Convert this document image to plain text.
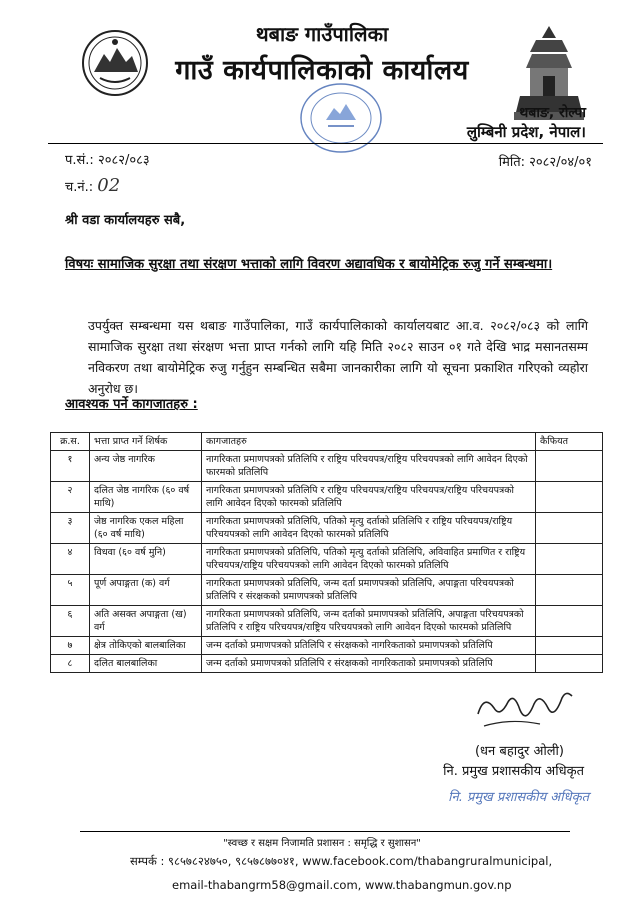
थबाङ गाउँपालिका
गाउँ कार्यपालिकाको कार्यालय
थबाङ, रोल्पा
लुम्बिनी प्रदेश, नेपाल।
प.सं.: २०८२/०८३	मिति: २०८२/०४/०१
च.नं.: 02
श्री वडा कार्यालयहरु सबै,
विषयः सामाजिक सुरक्षा तथा संरक्षण भत्ताको लागि विवरण अद्यावधिक र बायोमेट्रिक रुजु गर्ने सम्बन्धमा।
उपर्युक्त सम्बन्धमा यस थबाङ गाउँपालिका, गाउँ कार्यपालिकाको कार्यालयबाट आ.व. २०८२/०८३ को लागि सामाजिक सुरक्षा तथा संरक्षण भत्ता प्राप्त गर्नको लागि यहि मिति २०८२ साउन ०१ गते देखि भाद्र मसानतसम्म नविकरण तथा बायोमेट्रिक रुजु गर्नुहुन सम्बन्धित सबैमा जानकारीका लागि यो सूचना प्रकाशित गरिएको व्यहोरा अनुरोध छ।
आवश्यक पर्ने कागजातहरु :
क्र.स.	भत्ता प्राप्त गर्ने शिर्षक	कागजातहरु	कैफियत
१	अन्य जेष्ठ नागरिक	नागरिकता प्रमाणपत्रको प्रतिलिपि र राष्ट्रिय परिचयपत्र/राष्ट्रिय परिचयपत्रको लागि आवेदन दिएको फारमको प्रतिलिपि	
२	दलित जेष्ठ नागरिक (६० वर्ष माथि)	नागरिकता प्रमाणपत्रको प्रतिलिपि र राष्ट्रिय परिचयपत्र/राष्ट्रिय परिचयपत्र/राष्ट्रिय परिचयपत्रको लागि आवेदन दिएको फारमको प्रतिलिपि	
३	जेष्ठ नागरिक एकल महिला (६० वर्ष माथि)	नागरिकता प्रमाणपत्रको प्रतिलिपि, पतिको मृत्यु दर्ताको प्रतिलिपि र राष्ट्रिय परिचयपत्र/राष्ट्रिय परिचयपत्रको लागि आवेदन दिएको फारमको प्रतिलिपि	
४	विधवा (६० वर्ष मुनि)	नागरिकता प्रमाणपत्रको प्रतिलिपि, पतिको मृत्यु दर्ताको प्रतिलिपि, अविवाहित प्रमाणित र राष्ट्रिय परिचयपत्र/राष्ट्रिय परिचयपत्रको लागि आवेदन दिएको फारमको प्रतिलिपि	
५	पूर्ण अपाङ्गता (क) वर्ग	नागरिकता प्रमाणपत्रको प्रतिलिपि, जन्म दर्ता प्रमाणपत्रको प्रतिलिपि, अपाङ्गता परिचयपत्रको प्रतिलिपि र संरक्षकको प्रमाणपत्रको प्रतिलिपि	
६	अति असक्त अपाङ्गता (ख) वर्ग	नागरिकता प्रमाणपत्रको प्रतिलिपि, जन्म दर्ताको प्रमाणपत्रको प्रतिलिपि, अपाङ्गता परिचयपत्रको प्रतिलिपि र राष्ट्रिय परिचयपत्र/राष्ट्रिय परिचयपत्रको लागि आवेदन दिएको फारमको प्रतिलिपि	
७	क्षेत्र तोकिएको बालबालिका	जन्म दर्ताको प्रमाणपत्रको प्रतिलिपि र संरक्षकको नागरिकताको प्रमाणपत्रको प्रतिलिपि	
८	दलित बालबालिका	जन्म दर्ताको प्रमाणपत्रको प्रतिलिपि र संरक्षकको नागरिकताको प्रमाणपत्रको प्रतिलिपि	
(धन बहादुर ओली)
नि. प्रमुख प्रशासकीय अधिकृत
नि. प्रमुख प्रशासकीय अधिकृत
"स्वच्छ र सक्षम निजामति प्रशासन : समृद्धि र सुशासन"
सम्पर्क : ९८५७८२४७५०, ९८५७८७७०४१, www.facebook.com/thabangruralmunicipal,
email-thabangrm58@gmail.com, www.thabangmun.gov.np
